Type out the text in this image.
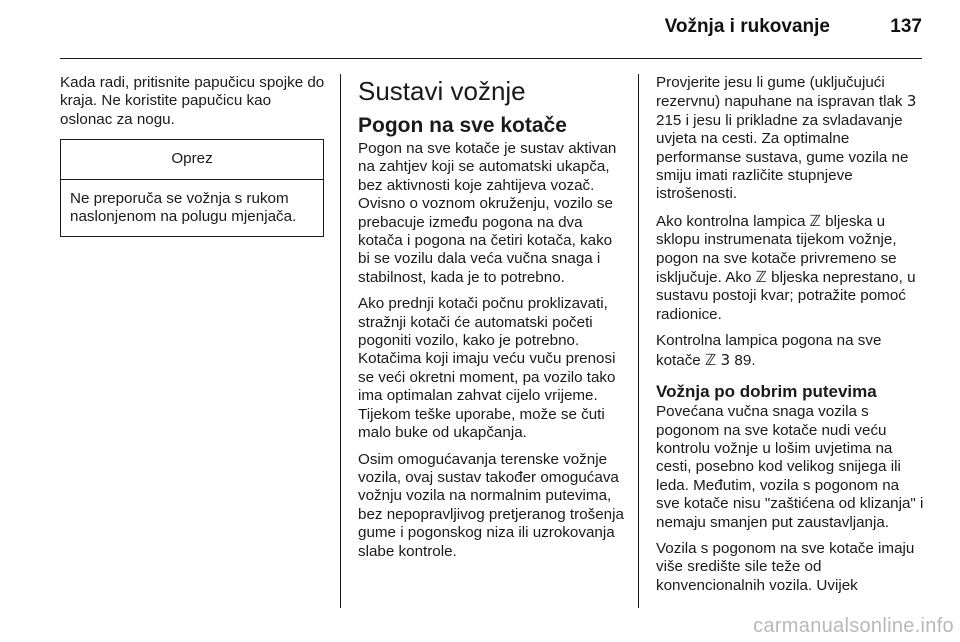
Vožnja i rukovanje	137

Kada radi, pritisnite papučicu spojke do kraja. Ne koristite papučicu kao oslonac za nogu.

Oprez
Ne preporuča se vožnja s rukom naslonjenom na polugu mjenjača.
Sustavi vožnje
Pogon na sve kotače

Pogon na sve kotače je sustav aktivan na zahtjev koji se automatski ukapča, bez aktivnosti koje zahtijeva vozač. Ovisno o voznom okruženju, vozilo se prebacuje između pogona na dva kotača i pogona na četiri kotača, kako bi se vozilu dala veća vučna snaga i stabilnost, kada je to potrebno.

Ako prednji kotači počnu proklizavati, stražnji kotači će automatski početi pogoniti vozilo, kako je potrebno. Kotačima koji imaju veću vuču prenosi se veći okretni moment, pa vozilo tako ima optimalan zahvat cijelo vrijeme. Tijekom teške uporabe, može se čuti malo buke od ukapčanja.

Osim omogućavanja terenske vožnje vozila, ovaj sustav također omogućava vožnju vozila na normalnim putevima, bez nepopravljivog pretjeranog trošenja gume i pogonskog niza ili uzrokovanja slabe kontrole.

Provjerite jesu li gume (uključujući rezervnu) napuhane na ispravan tlak 3 215 i jesu li prikladne za svladavanje uvjeta na cesti. Za optimalne performanse sustava, gume vozila ne smiju imati različite stupnjeve istrošenosti.

Ako kontrolna lampica ℤ bljeska u sklopu instrumenata tijekom vožnje, pogon na sve kotače privremeno se isključuje. Ako ℤ bljeska neprestano, u sustavu postoji kvar; potražite pomoć radionice.

Kontrolna lampica pogona na sve kotače ℤ 3 89.

Vožnja po dobrim putevima

Povećana vučna snaga vozila s pogonom na sve kotače nudi veću kontrolu vožnje u lošim uvjetima na cesti, posebno kod velikog snijega ili leda. Međutim, vozila s pogonom na sve kotače nisu "zaštićena od klizanja" i nemaju smanjen put zaustavljanja.

Vozila s pogonom na sve kotače imaju više središte sile teže od konvencionalnih vozila. Uvijek

carmanualsonline.info
